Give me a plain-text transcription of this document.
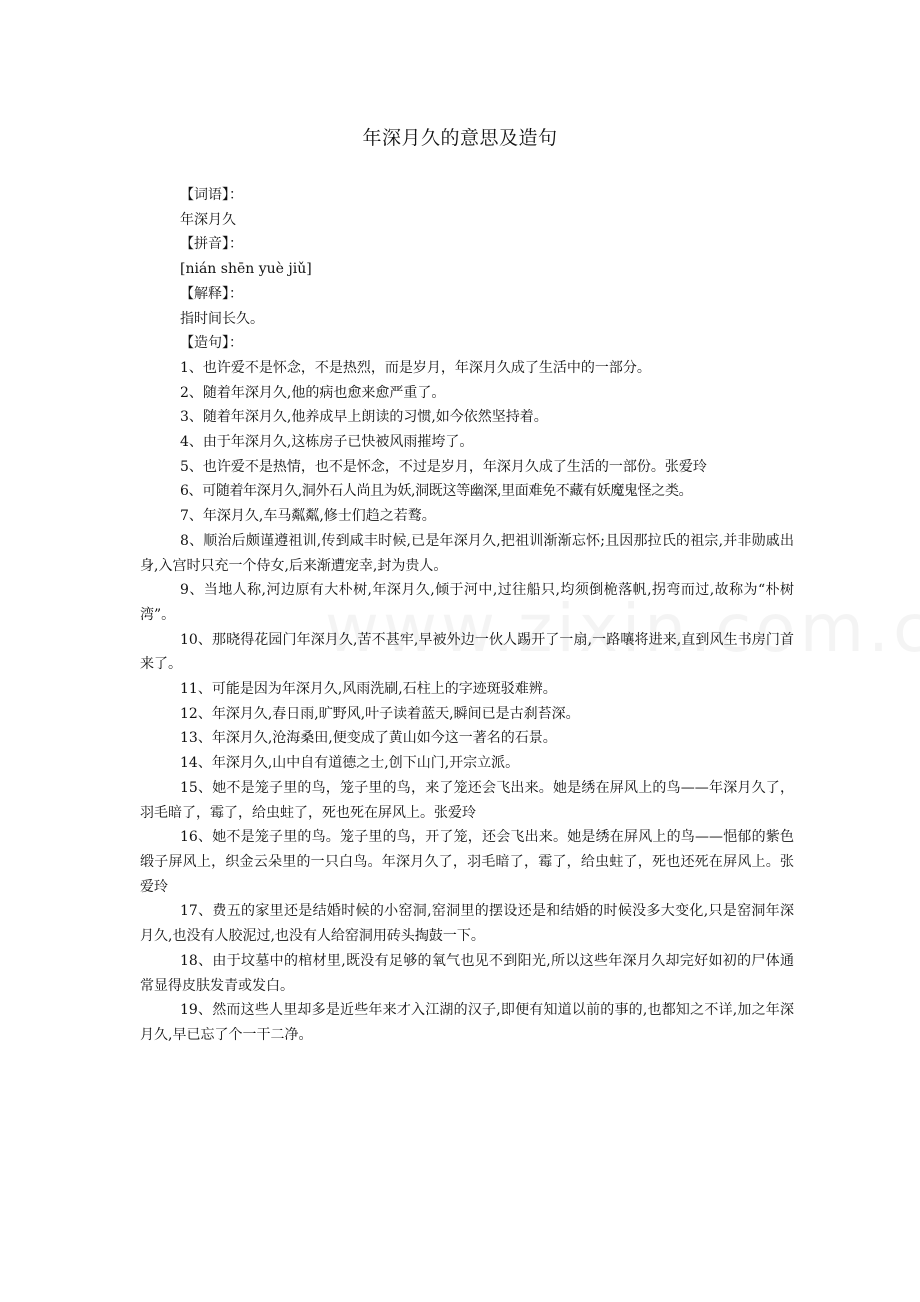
年深月久的意思及造句

【词语】：

年深月久

【拼音】：

[nián shēn yuè jiǔ]

【解释】：

指时间长久。

【造句】：

1、也许爱不是怀念，不是热烈，而是岁月，年深月久成了生活中的一部分。

2、随着年深月久,他的病也愈来愈严重了。

3、随着年深月久,他养成早上朗读的习惯,如今依然坚持着。

4、由于年深月久,这栋房子已快被风雨摧垮了。

5、也许爱不是热情，也不是怀念，不过是岁月，年深月久成了生活的一部份。张爱玲

6、可随着年深月久,洞外石人尚且为妖,洞既这等幽深,里面难免不藏有妖魔鬼怪之类。

7、年深月久,车马粼粼,修士们趋之若鹜。

8、顺治后颇谨遵祖训,传到咸丰时候,已是年深月久,把祖训渐渐忘怀;且因那拉氏的祖宗,并非勋戚出身,入宫时只充一个侍女,后来渐遭宠幸,封为贵人。

9、当地人称,河边原有大朴树,年深月久,倾于河中,过往船只,均须倒桅落帆,拐弯而过,故称为“朴树湾”。

10、那晓得花园门年深月久,苦不甚牢,早被外边一伙人踢开了一扇,一路嚷将进来,直到风生书房门首来了。

11、可能是因为年深月久,风雨洗刷,石柱上的字迹斑驳难辨。

12、年深月久,春日雨,旷野风,叶子读着蓝天,瞬间已是古刹苔深。

13、年深月久,沧海桑田,便变成了黄山如今这一著名的石景。

14、年深月久,山中自有道德之士,创下山门,开宗立派。

15、她不是笼子里的鸟，笼子里的鸟，来了笼还会飞出来。她是绣在屏风上的鸟——年深月久了，羽毛暗了，霉了，给虫蛀了，死也死在屏风上。张爱玲

16、她不是笼子里的鸟。笼子里的鸟，开了笼，还会飞出来。她是绣在屏风上的鸟——悒郁的紫色缎子屏风上，织金云朵里的一只白鸟。年深月久了，羽毛暗了，霉了，给虫蛀了，死也还死在屏风上。张爱玲

17、费五的家里还是结婚时候的小窑洞,窑洞里的摆设还是和结婚的时候没多大变化,只是窑洞年深月久,也没有人胶泥过,也没有人给窑洞用砖头掏鼓一下。

18、由于坟墓中的棺材里,既没有足够的氧气也见不到阳光,所以这些年深月久却完好如初的尸体通常显得皮肤发青或发白。

19、然而这些人里却多是近些年来才入江湖的汉子,即便有知道以前的事的,也都知之不详,加之年深月久,早已忘了个一干二净。
